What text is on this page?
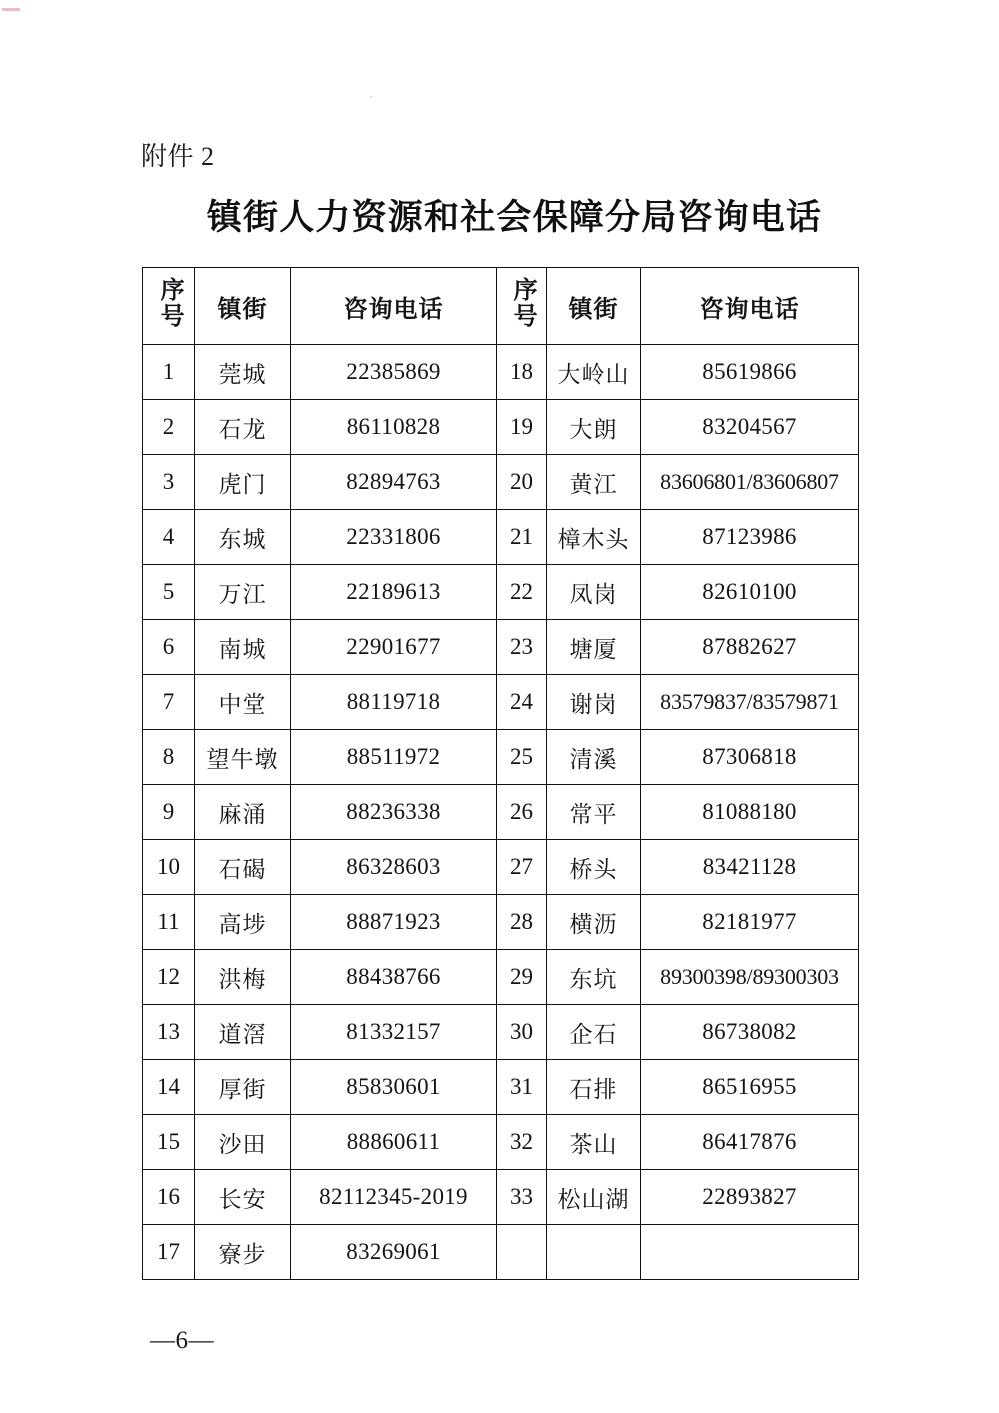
附件 2
镇街人力资源和社会保障分局咨询电话
序号	镇街	咨询电话	序号	镇街	咨询电话
1	莞城	22385869	18	大岭山	85619866
2	石龙	86110828	19	大朗	83204567
3	虎门	82894763	20	黄江	83606801/83606807
4	东城	22331806	21	樟木头	87123986
5	万江	22189613	22	凤岗	82610100
6	南城	22901677	23	塘厦	87882627
7	中堂	88119718	24	谢岗	83579837/83579871
8	望牛墩	88511972	25	清溪	87306818
9	麻涌	88236338	26	常平	81088180
10	石碣	86328603	27	桥头	83421128
11	高埗	88871923	28	横沥	82181977
12	洪梅	88438766	29	东坑	89300398/89300303
13	道滘	81332157	30	企石	86738082
14	厚街	85830601	31	石排	86516955
15	沙田	88860611	32	茶山	86417876
16	长安	82112345-2019	33	松山湖	22893827
17	寮步	83269061			
—6—
